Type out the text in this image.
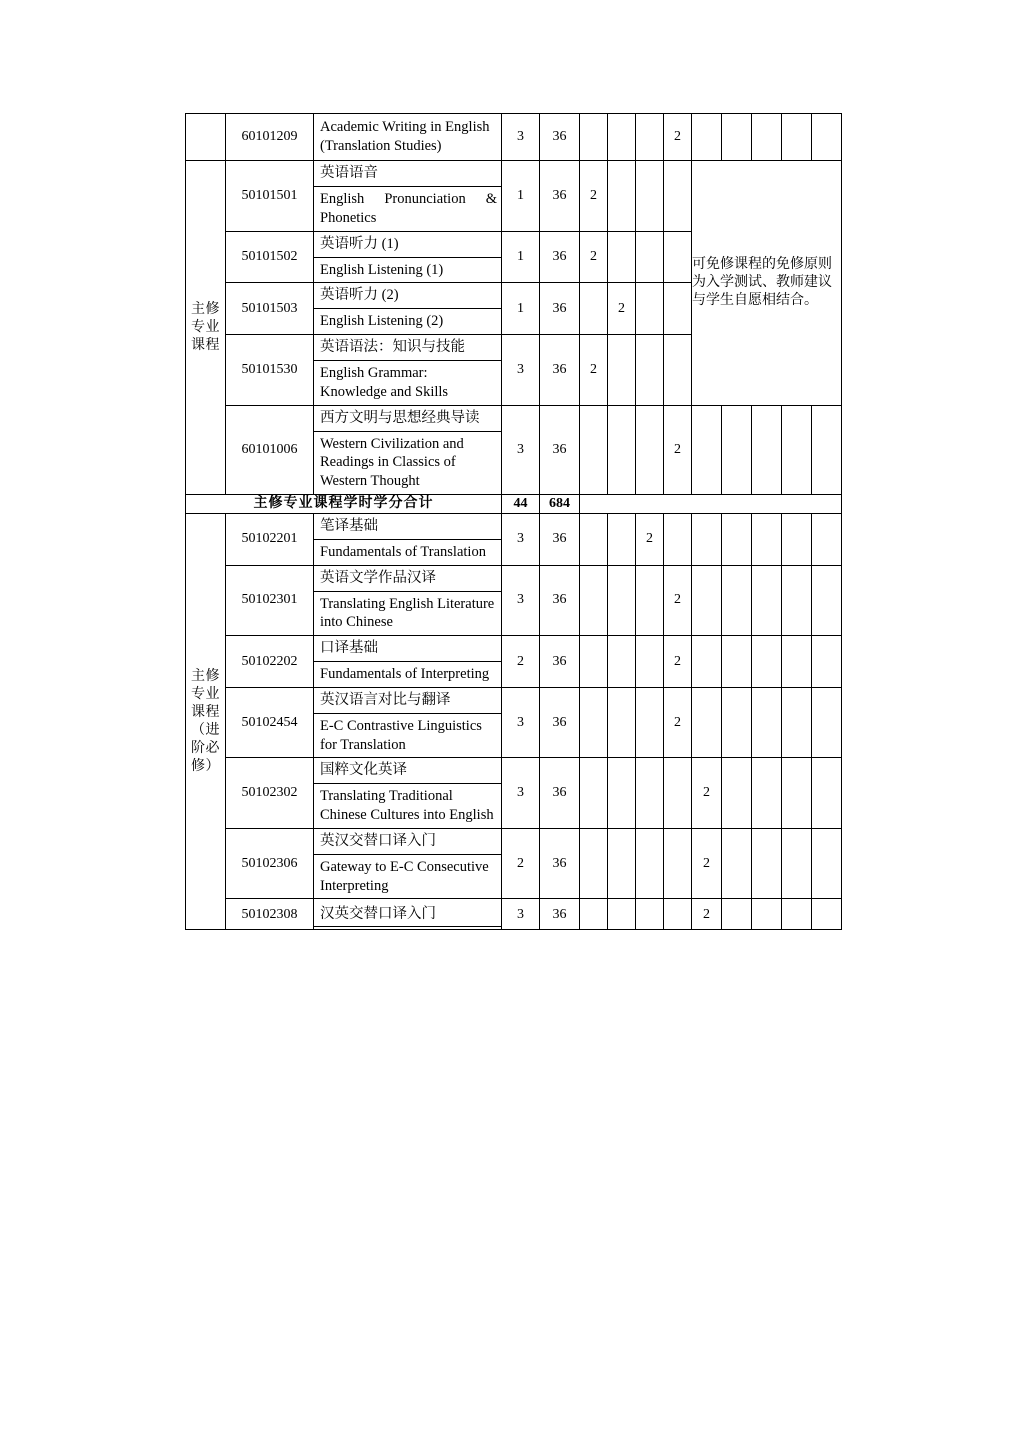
	60101209	Academic Writing in English (Translation Studies)	3	36				2					
主修专业课程	50101501	英语语音
English Pronunciation & Phonetics	1	36	2				可免修课程的免修原则为入学测试、教师建议与学生自愿相结合。				
	50101502	英语听力 (1)
English Listening (1)	1	36	2								
	50101503	英语听力 (2)
English Listening (2)	1	36		2							
	50101530	英语语法：知识与技能
English Grammar: Knowledge and Skills	3	36	2								
	60101006	西方文明与思想经典导读
Western Civilization and Readings in Classics of Western Thought	3	36				2					
主修专业课程学时学分合计			44	684									
主修专业课程（进阶必修）	50102201	笔译基础
Fundamentals of Translation	3	36			2						
	50102301	英语文学作品汉译
Translating English Literature into Chinese	3	36				2					
	50102202	口译基础
Fundamentals of Interpreting	2	36				2					
	50102454	英汉语言对比与翻译
E-C Contrastive Linguistics for Translation	3	36				2					
	50102302	国粹文化英译
Translating Traditional Chinese Cultures into English	3	36					2				
	50102306	英汉交替口译入门
Gateway to E-C Consecutive Interpreting	2	36					2				
	50102308	汉英交替口译入门	3	36					2				
